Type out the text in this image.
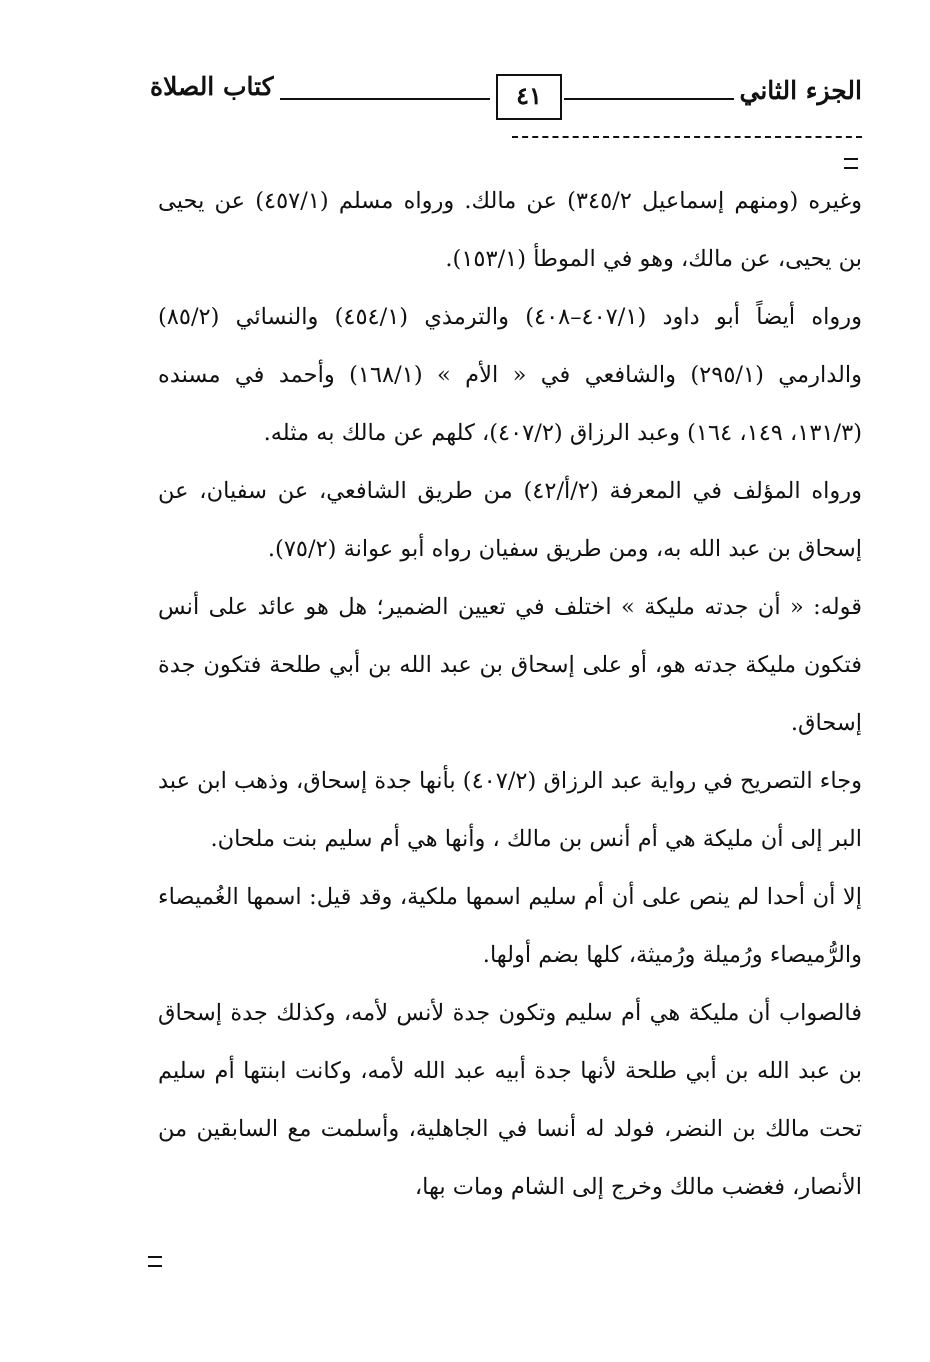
الجزء الثاني
٤١
كتاب الصلاة

وغيره (ومنهم إسماعيل ٣٤٥/٢) عن مالك. ورواه مسلم (٤٥٧/١) عن يحيى بن يحيى، عن مالك، وهو في الموطأ (١٥٣/١).

ورواه أيضاً أبو داود (٤٠٧/١–٤٠٨) والترمذي (٤٥٤/١) والنسائي (٨٥/٢) والدارمي (٢٩٥/١) والشافعي في « الأم » (١٦٨/١) وأحمد في مسنده (١٣١/٣، ١٤٩، ١٦٤) وعبد الرزاق (٤٠٧/٢)، كلهم عن مالك به مثله.

ورواه المؤلف في المعرفة (٢/أ/٤٢) من طريق الشافعي، عن سفيان، عن إسحاق بن عبد الله به، ومن طريق سفيان رواه أبو عوانة (٧٥/٢).

قوله: « أن جدته مليكة » اختلف في تعيين الضمير؛ هل هو عائد على أنس فتكون مليكة جدته هو، أو على إسحاق بن عبد الله بن أبي طلحة فتكون جدة إسحاق.

وجاء التصريح في رواية عبد الرزاق (٤٠٧/٢) بأنها جدة إسحاق، وذهب ابن عبد البر إلى أن مليكة هي أم أنس بن مالك ، وأنها هي أم سليم بنت ملحان.

إلا أن أحدا لم ينص على أن أم سليم اسمها ملكية، وقد قيل: اسمها الغُميصاء والرُّميصاء ورُميلة ورُميثة، كلها بضم أولها.

فالصواب أن مليكة هي أم سليم وتكون جدة لأنس لأمه، وكذلك جدة إسحاق بن عبد الله بن أبي طلحة لأنها جدة أبيه عبد الله لأمه، وكانت ابنتها أم سليم تحت مالك بن النضر، فولد له أنسا في الجاهلية، وأسلمت مع السابقين من الأنصار، فغضب مالك وخرج إلى الشام ومات بها،
